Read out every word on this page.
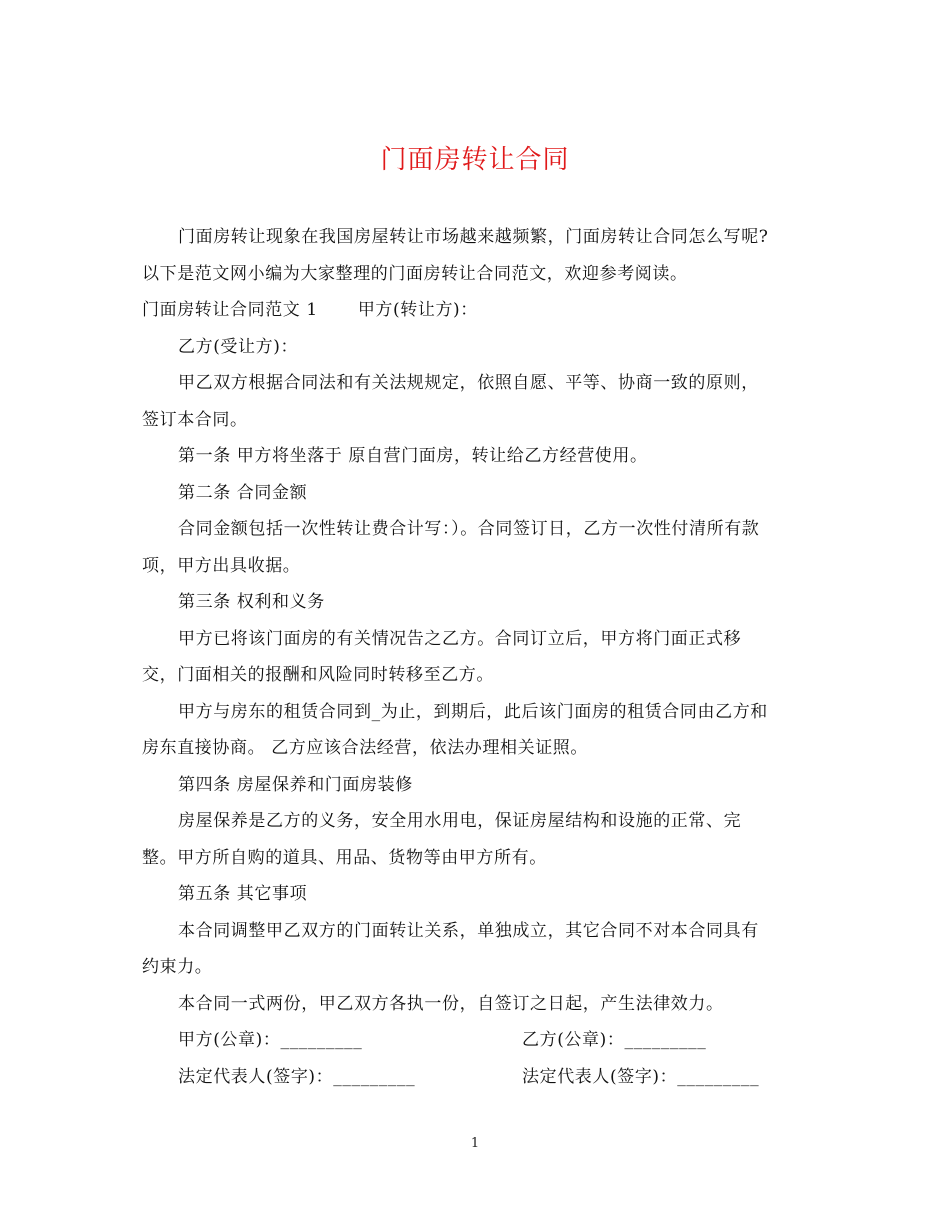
门面房转让合同

门面房转让现象在我国房屋转让市场越来越频繁，门面房转让合同怎么写呢?
以下是范文网小编为大家整理的门面房转让合同范文，欢迎参考阅读。

门面房转让合同范文 1 甲方(转让方)：

乙方(受让方)：

甲乙双方根据合同法和有关法规规定，依照自愿、平等、协商一致的原则，
签订本合同。

第一条 甲方将坐落于 原自营门面房，转让给乙方经营使用。

第二条 合同金额

合同金额包括一次性转让费合计写：）。合同签订日，乙方一次性付清所有款
项，甲方出具收据。

第三条 权利和义务

甲方已将该门面房的有关情况告之乙方。合同订立后，甲方将门面正式移
交，门面相关的报酬和风险同时转移至乙方。

甲方与房东的租赁合同到_为止，到期后，此后该门面房的租赁合同由乙方和
房东直接协商。 乙方应该合法经营，依法办理相关证照。

第四条 房屋保养和门面房装修

房屋保养是乙方的义务，安全用水用电，保证房屋结构和设施的正常、完
整。甲方所自购的道具、用品、货物等由甲方所有。

第五条 其它事项

本合同调整甲乙双方的门面转让关系，单独成立，其它合同不对本合同具有
约束力。

本合同一式两份，甲乙双方各执一份，自签订之日起，产生法律效力。

甲方(公章)：_________	乙方(公章)：_________
法定代表人(签字)：_________	法定代表人(签字)：_________
1
